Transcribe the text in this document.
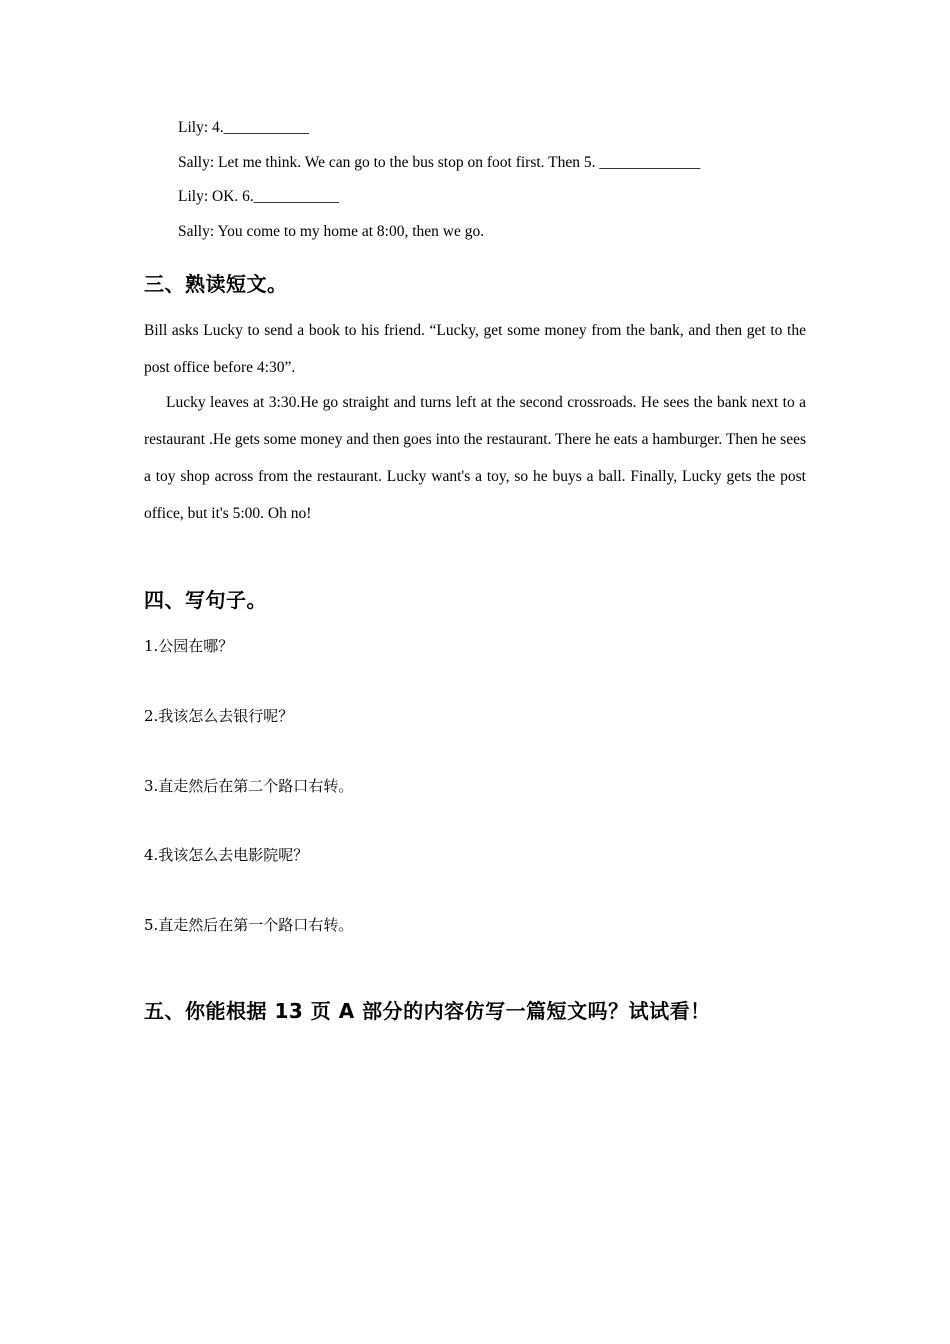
Lily: 4.___________
Sally: Let me think. We can go to the bus stop on foot first. Then 5. _____________
Lily: OK. 6.___________
Sally: You come to my home at 8:00, then we go.
三、熟读短文。

Bill asks Lucky to send a book to his friend. “Lucky, get some money from the bank, and then get to the post office before 4:30”.

Lucky leaves at 3:30.He go straight and turns left at the second crossroads. He sees the bank next to a restaurant .He gets some money and then goes into the restaurant. There he eats a hamburger. Then he sees a toy shop across from the restaurant. Lucky want's a toy, so he buys a ball. Finally, Lucky gets the post office, but it's 5:00. Oh no!

四、写句子。
1.公园在哪？
2.我该怎么去银行呢？
3.直走然后在第二个路口右转。
4.我该怎么去电影院呢？
5.直走然后在第一个路口右转。
五、你能根据 13 页 A 部分的内容仿写一篇短文吗？试试看！
